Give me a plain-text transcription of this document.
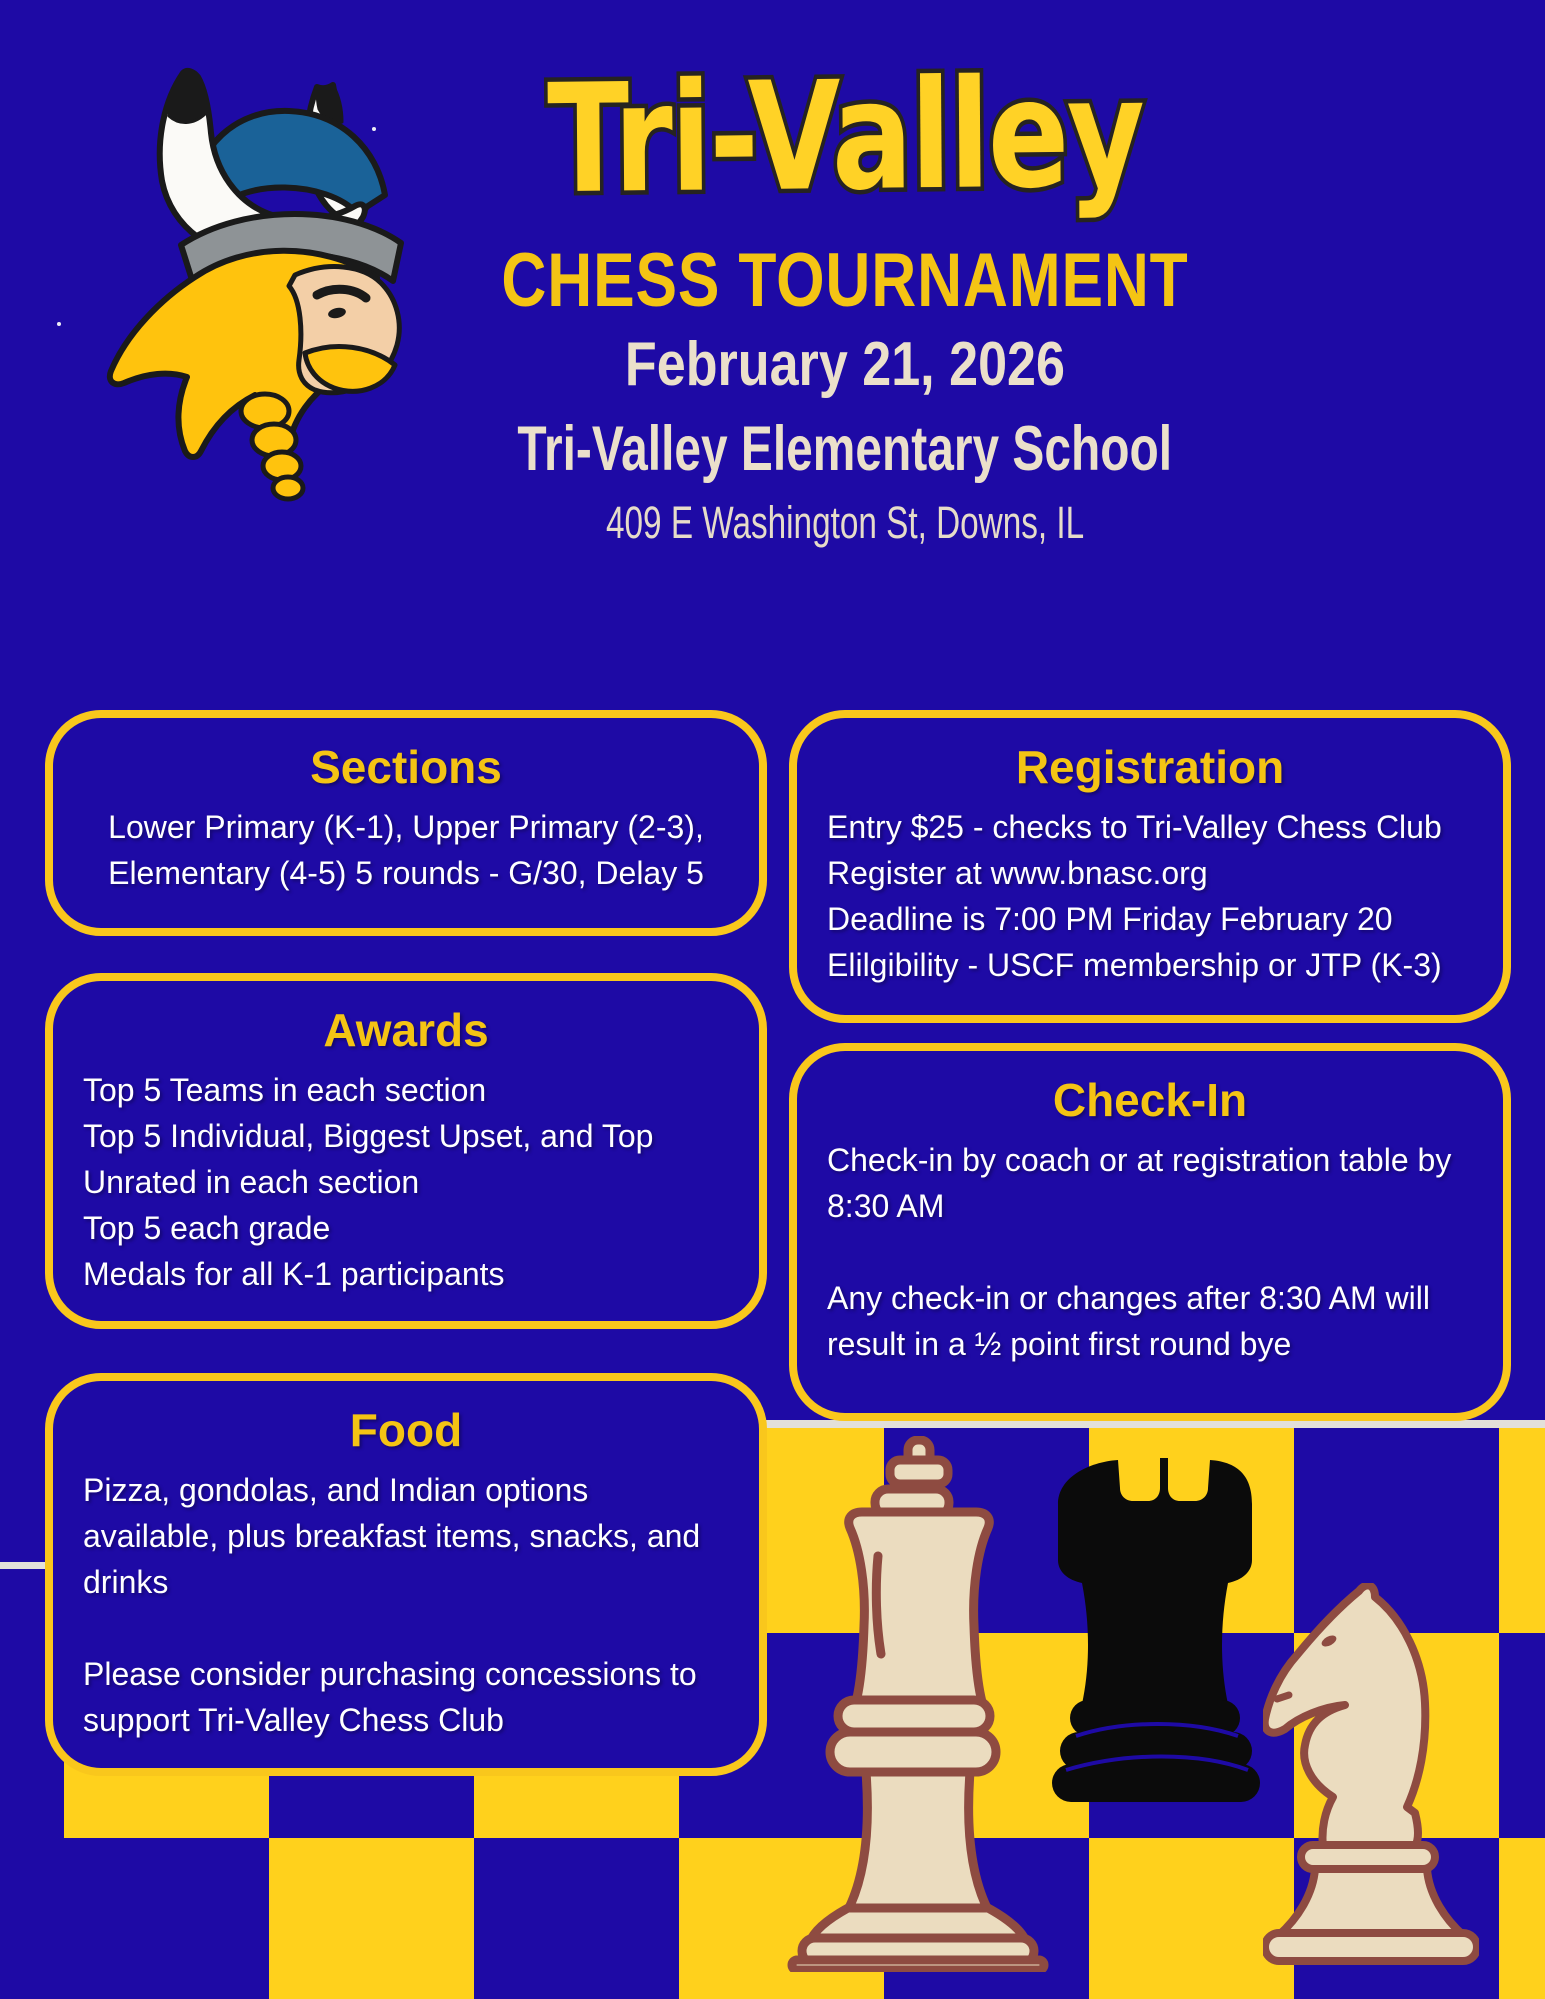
Tri-Valley
CHESS TOURNAMENT
February 21, 2026
Tri-Valley Elementary School
409 E Washington St, Downs, IL
Sections
Lower Primary (K-1), Upper Primary (2-3),
Elementary (4-5) 5 rounds - G/30, Delay 5
Registration
Entry $25 - checks to Tri-Valley Chess Club
Register at www.bnasc.org
Deadline is 7:00 PM Friday February 20
Elilgibility - USCF membership or JTP (K-3)
Awards
Top 5 Teams in each section
Top 5 Individual, Biggest Upset, and Top Unrated in each section
Top 5 each grade
Medals for all K-1 participants
Check-In
Check-in by coach or at registration table by 8:30 AM
Any check-in or changes after 8:30 AM will result in a ½ point first round bye
Food
Pizza, gondolas, and Indian options available, plus breakfast items, snacks, and drinks
Please consider purchasing concessions to support Tri-Valley Chess Club
